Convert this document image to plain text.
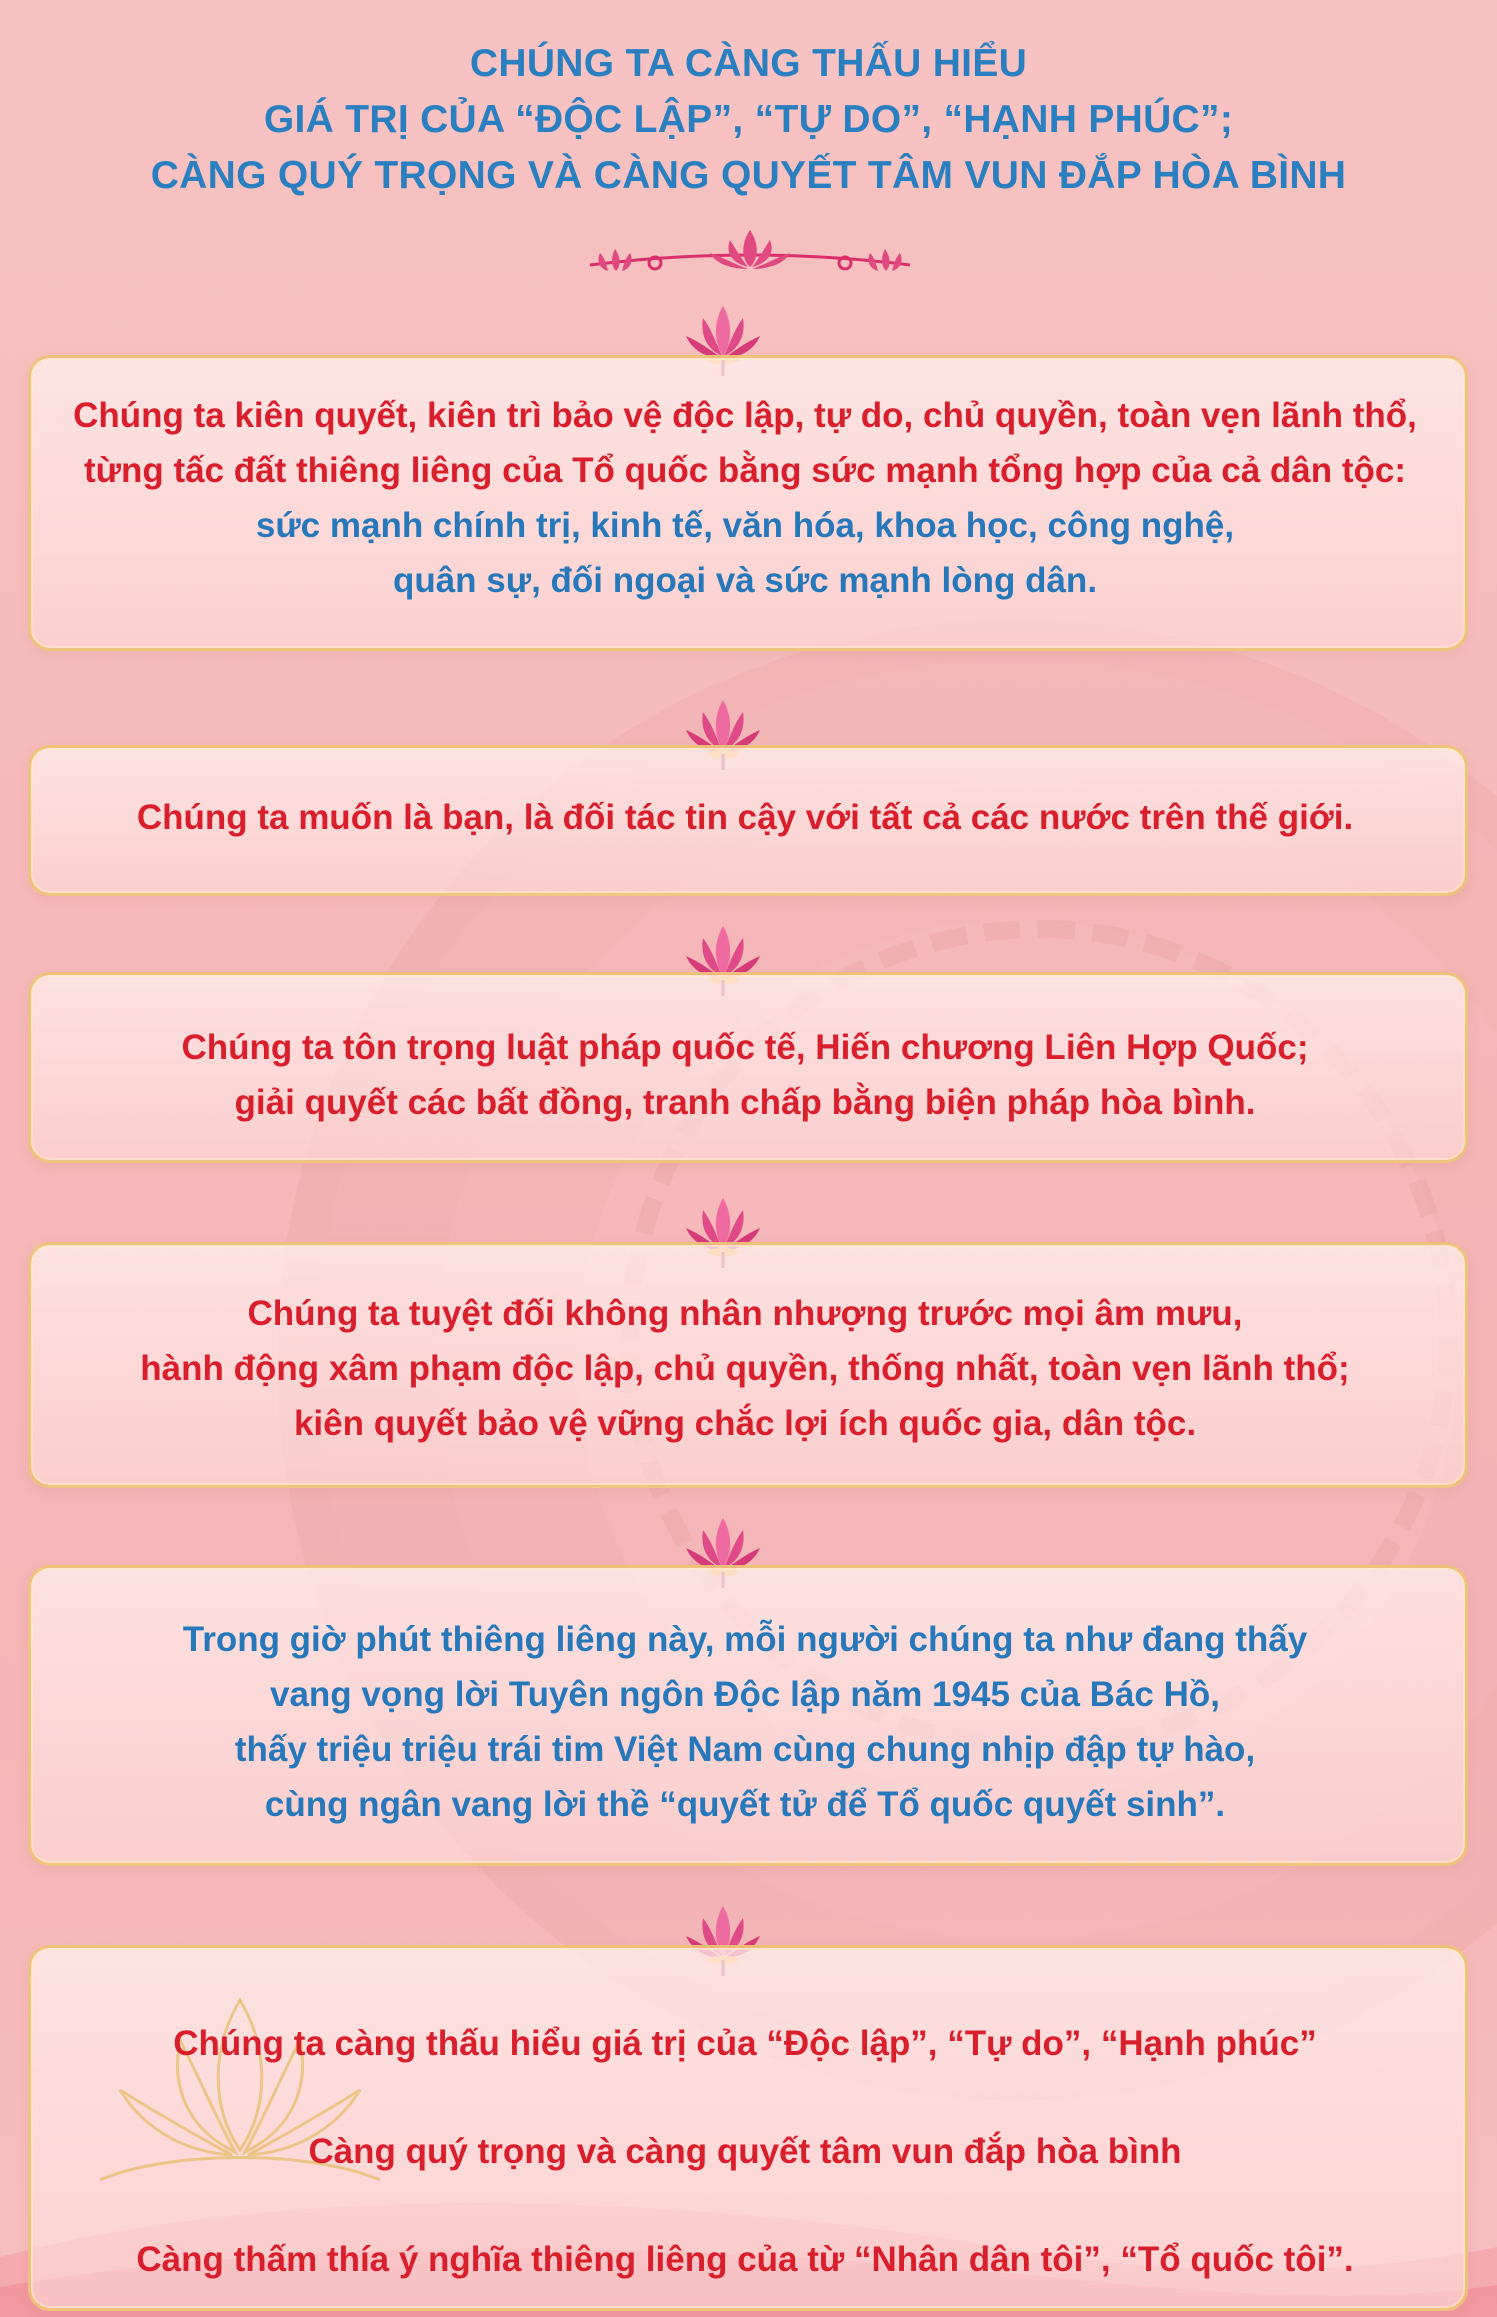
CHÚNG TA CÀNG THẤU HIỂU
GIÁ TRỊ CỦA “ĐỘC LẬP”, “TỰ DO”, “HẠNH PHÚC”;
CÀNG QUÝ TRỌNG VÀ CÀNG QUYẾT TÂM VUN ĐẮP HÒA BÌNH
Chúng ta kiên quyết, kiên trì bảo vệ độc lập, tự do, chủ quyền, toàn vẹn lãnh thổ,
từng tấc đất thiêng liêng của Tổ quốc bằng sức mạnh tổng hợp của cả dân tộc:
sức mạnh chính trị, kinh tế, văn hóa, khoa học, công nghệ,
quân sự, đối ngoại và sức mạnh lòng dân.
Chúng ta muốn là bạn, là đối tác tin cậy với tất cả các nước trên thế giới.
Chúng ta tôn trọng luật pháp quốc tế, Hiến chương Liên Hợp Quốc;
giải quyết các bất đồng, tranh chấp bằng biện pháp hòa bình.
Chúng ta tuyệt đối không nhân nhượng trước mọi âm mưu,
hành động xâm phạm độc lập, chủ quyền, thống nhất, toàn vẹn lãnh thổ;
kiên quyết bảo vệ vững chắc lợi ích quốc gia, dân tộc.
Trong giờ phút thiêng liêng này, mỗi người chúng ta như đang thấy
vang vọng lời Tuyên ngôn Độc lập năm 1945 của Bác Hồ,
thấy triệu triệu trái tim Việt Nam cùng chung nhịp đập tự hào,
cùng ngân vang lời thề “quyết tử để Tổ quốc quyết sinh”.
Chúng ta càng thấu hiểu giá trị của “Độc lập”, “Tự do”, “Hạnh phúc”
Càng quý trọng và càng quyết tâm vun đắp hòa bình
Càng thấm thía ý nghĩa thiêng liêng của từ “Nhân dân tôi”, “Tổ quốc tôi”.
